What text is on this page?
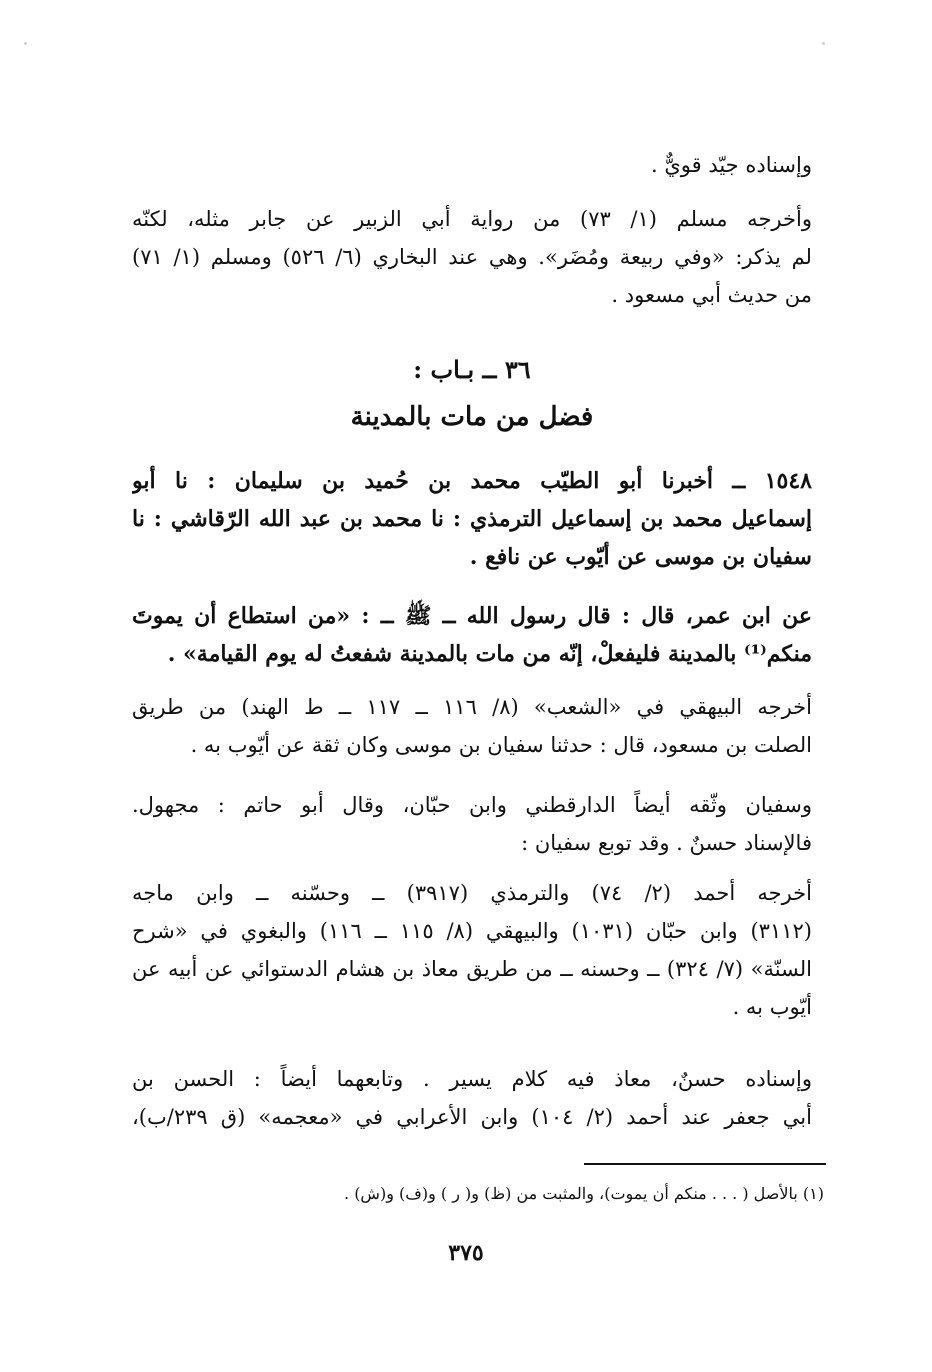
وإسناده جيّد قويٌّ .
وأخرجه مسلم (١/ ٧٣) من رواية أبي الزبير عن جابر مثله، لكنّه
لم يذكر: «وفي ربيعة ومُضَر». وهي عند البخاري (٦/ ٥٢٦) ومسلم (١/ ٧١)
من حديث أبي مسعود .
٣٦ ــ بـاب :
فضل من مات بالمدينة
١٥٤٨ ــ أخبرنا أبو الطيّب محمد بن حُميد بن سليمان : نا أبو
إسماعيل محمد بن إسماعيل الترمذي : نا محمد بن عبد الله الرّقاشي : نا
سفيان بن موسى عن أيّوب عن نافع .
عن ابن عمر، قال : قال رسول الله ــ ﷺ ــ : «من استطاع أن يموتَ
منكم⁽¹⁾ بالمدينة فليفعلْ، إنّه من مات بالمدينة شفعتُ له يوم القيامة» .
أخرجه البيهقي في «الشعب» (٨/ ١١٦ ــ ١١٧ ــ ط الهند) من طريق
الصلت بن مسعود، قال : حدثنا سفيان بن موسى وكان ثقة عن أيّوب به .
وسفيان وثّقه أيضاً الدارقطني وابن حبّان، وقال أبو حاتم : مجهول.
فالإسناد حسنٌ . وقد توبع سفيان :
أخرجه أحمد (٢/ ٧٤) والترمذي (٣٩١٧) ــ وحسّنه ــ وابن ماجه
(٣١١٢) وابن حبّان (١٠٣١) والبيهقي (٨/ ١١٥ ــ ١١٦) والبغوي في «شرح
السنّة» (٧/ ٣٢٤) ــ وحسنه ــ من طريق معاذ بن هشام الدستوائي عن أبيه عن
أيّوب به .
وإسناده حسنٌ، معاذ فيه كلام يسير . وتابعهما أيضاً : الحسن بن
أبي جعفر عند أحمد (٢/ ١٠٤) وابن الأعرابي في «معجمه» (ق ٢٣٩/ب)،
(١) بالأصل ( . . . منكم أن يموت)، والمثبت من (ظ) و( ر ) و(ف) و(ش) .
٣٧٥
